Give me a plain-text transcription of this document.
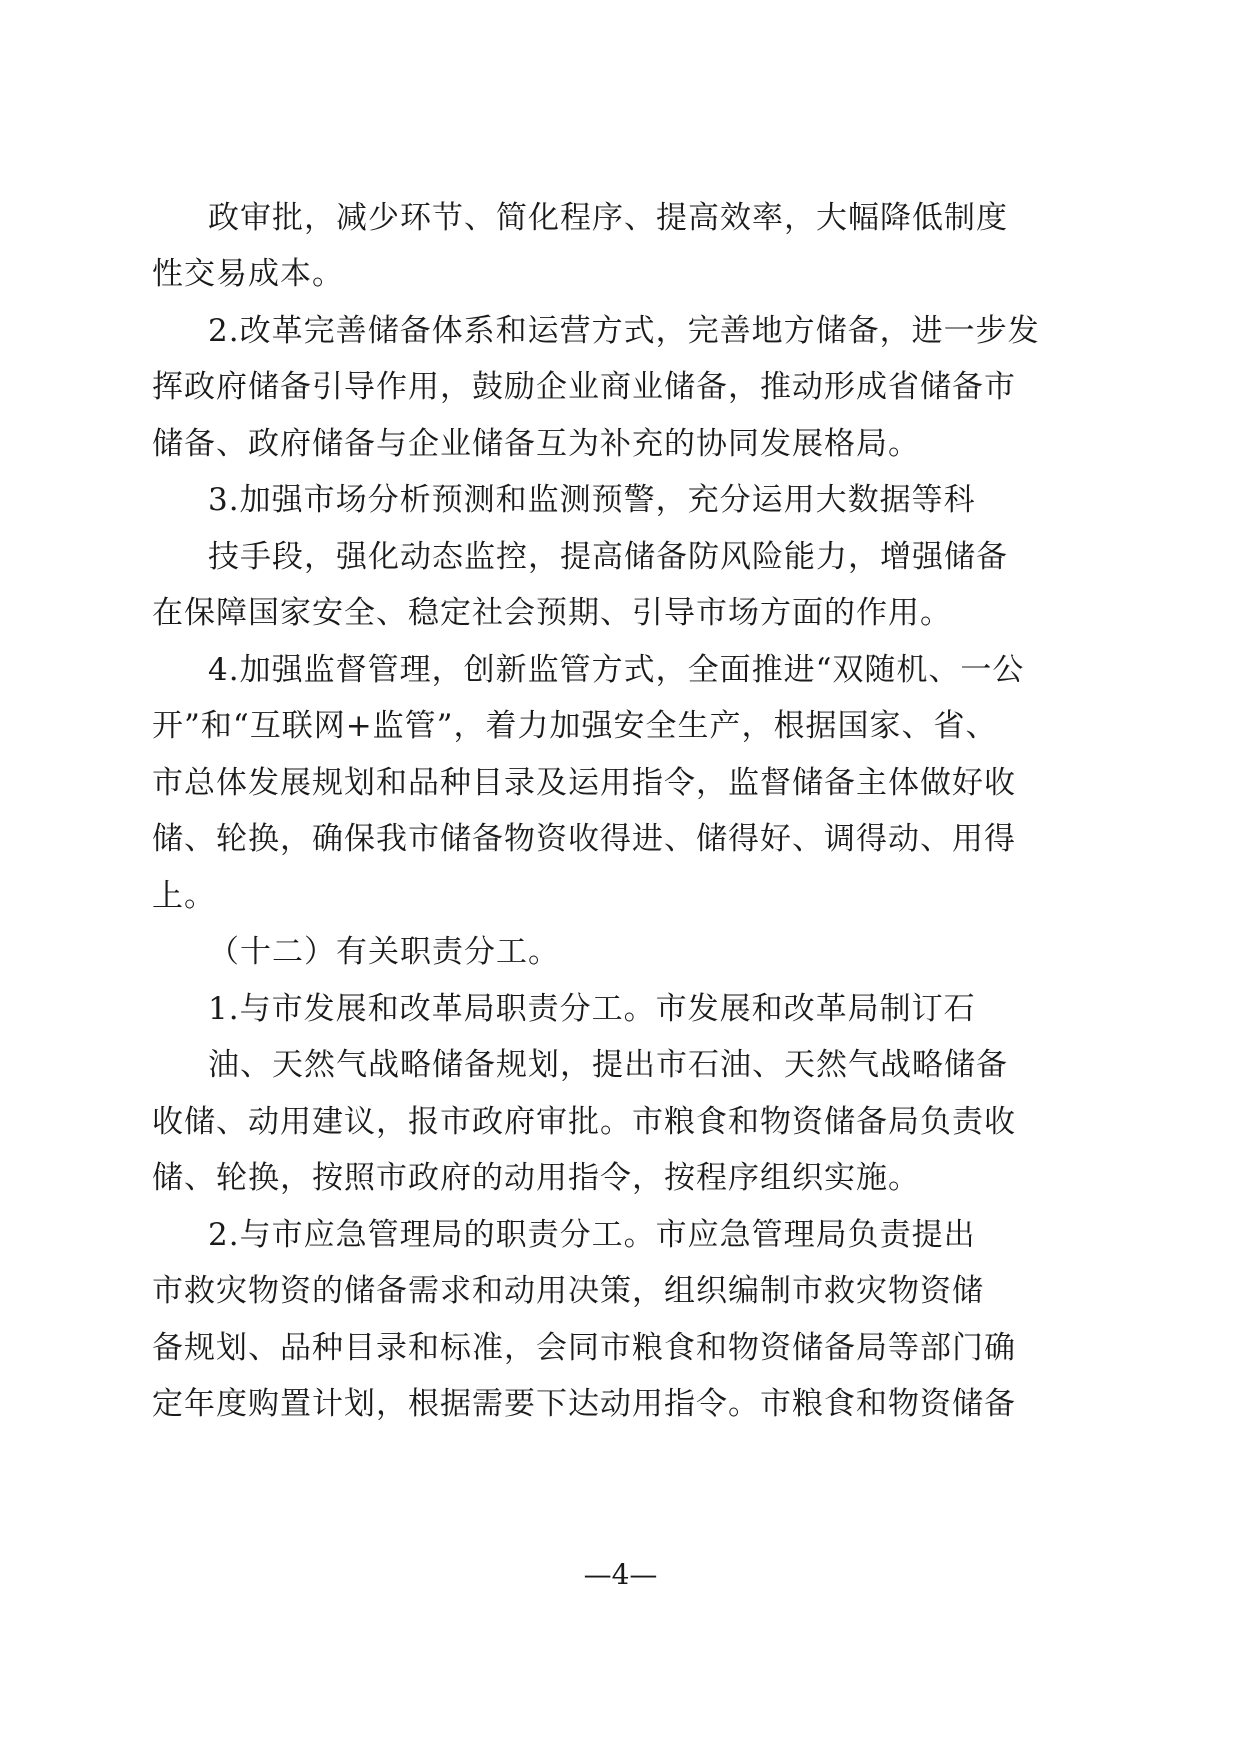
政审批，减少环节、简化程序、提高效率，大幅降低制度
性交易成本。
2.改革完善储备体系和运营方式，完善地方储备，进一步发
挥政府储备引导作用，鼓励企业商业储备，推动形成省储备市
储备、政府储备与企业储备互为补充的协同发展格局。
3.加强市场分析预测和监测预警，充分运用大数据等科
技手段，强化动态监控，提高储备防风险能力，增强储备
在保障国家安全、稳定社会预期、引导市场方面的作用。
4.加强监督管理，创新监管方式，全面推进“双随机、一公
开”和“互联网+监管”，着力加强安全生产，根据国家、省、
市总体发展规划和品种目录及运用指令，监督储备主体做好收
储、轮换，确保我市储备物资收得进、储得好、调得动、用得
上。
（十二）有关职责分工。
1.与市发展和改革局职责分工。市发展和改革局制订石
油、天然气战略储备规划，提出市石油、天然气战略储备
收储、动用建议，报市政府审批。市粮食和物资储备局负责收
储、轮换，按照市政府的动用指令，按程序组织实施。
2.与市应急管理局的职责分工。市应急管理局负责提出
市救灾物资的储备需求和动用决策，组织编制市救灾物资储
备规划、品种目录和标准，会同市粮食和物资储备局等部门确
定年度购置计划，根据需要下达动用指令。市粮食和物资储备
—4—
